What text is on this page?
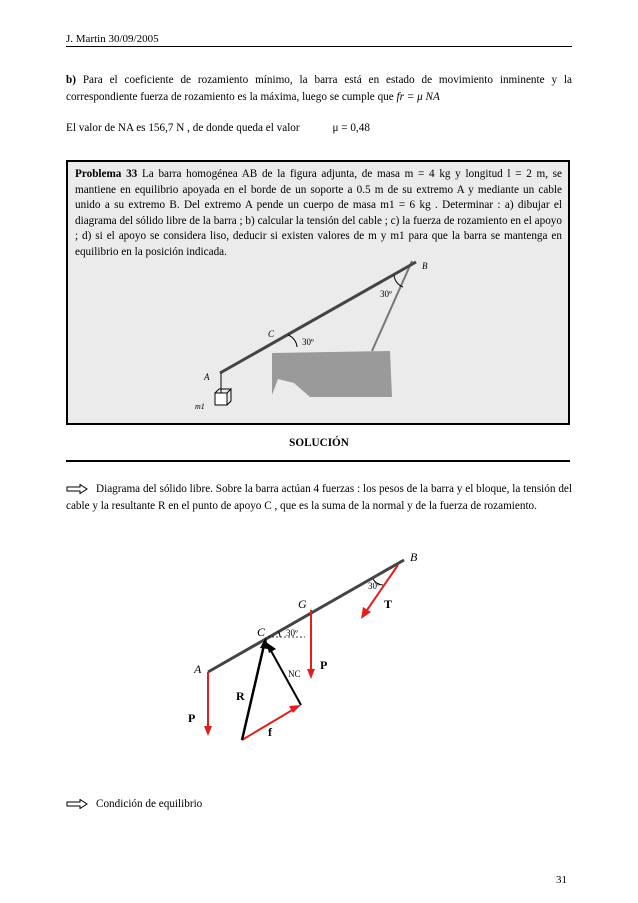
J. Martin 30/09/2005
b) Para el coeficiente de rozamiento mínimo, la barra está en estado de movimiento inminente y la correspondiente fuerza de rozamiento es la máxima, luego se cumple que fr = μ NA
El valor de NA es 156,7 N , de donde queda el valor	μ = 0,48
Problema 33 La barra homogénea AB de la figura adjunta, de masa m = 4 kg y longitud l = 2 m, se mantiene en equilibrio apoyada en el borde de un soporte a 0.5 m de su extremo A y mediante un cable unido a su extremo B. Del extremo A pende un cuerpo de masa m1 = 6 kg . Determinar : a) dibujar el diagrama del sólido libre de la barra ; b) calcular la tensión del cable ; c) la fuerza de rozamiento en el apoyo ; d) si el apoyo se considera liso, deducir si existen valores de m y m1 para que la barra se mantenga en equilibrio en la posición indicada.
B
30º
C
30º
A
m1
SOLUCIÓN
Diagrama del sólido libre. Sobre la barra actúan 4 fuerzas : los pesos de la barra y el bloque, la tensión del cable y la resultante R en el punto de apoyo C , que es la suma de la normal y de la fuerza de rozamiento.
B
30º
T
G
C 30º
A	P
NC
R
P
f
Condición de equilibrio
31
